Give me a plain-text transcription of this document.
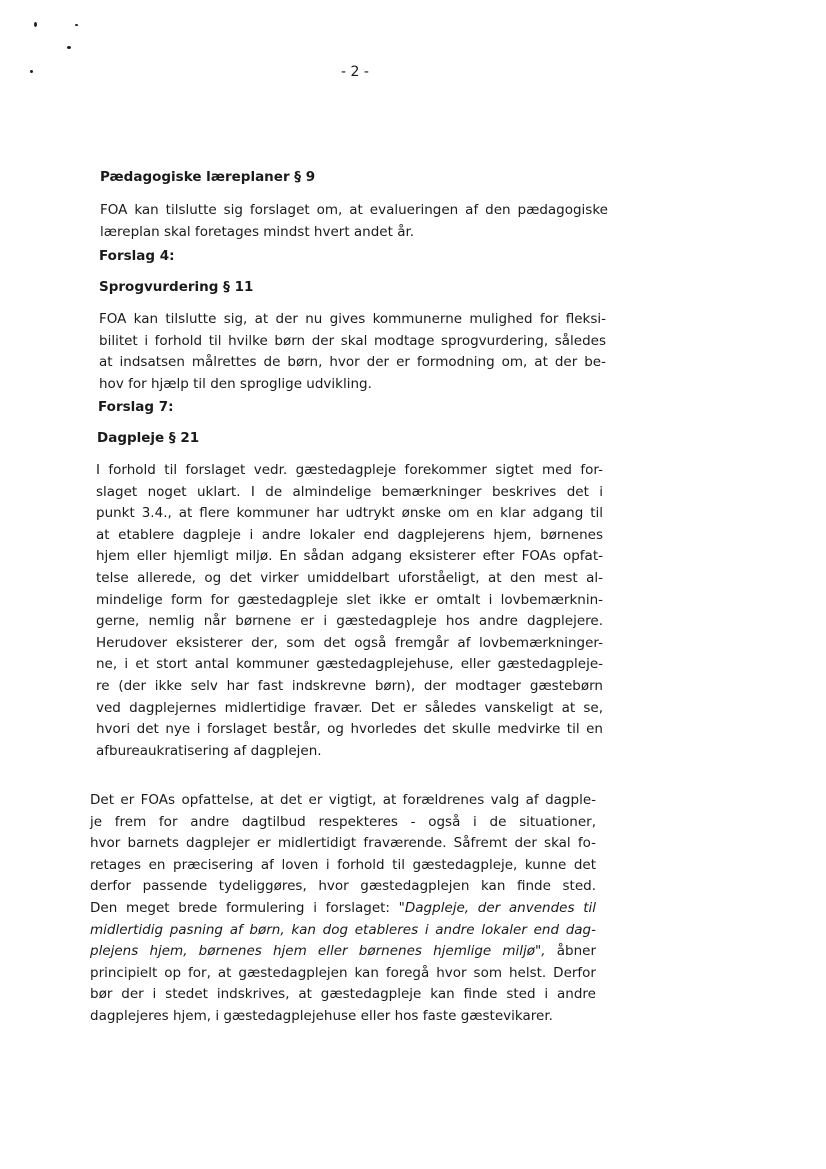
- 2 -
Pædagogiske læreplaner § 9
FOA kan tilslutte sig forslaget om, at evalueringen af den pædagogiske
læreplan skal foretages mindst hvert andet år.
Forslag 4:
Sprogvurdering § 11
FOA kan tilslutte sig, at der nu gives kommunerne mulighed for fleksi-
bilitet i forhold til hvilke børn der skal modtage sprogvurdering, således
at indsatsen målrettes de børn, hvor der er formodning om, at der be-
hov for hjælp til den sproglige udvikling.
Forslag 7:
Dagpleje § 21
I forhold til forslaget vedr. gæstedagpleje forekommer sigtet med for-
slaget noget uklart. I de almindelige bemærkninger beskrives det i
punkt 3.4., at flere kommuner har udtrykt ønske om en klar adgang til
at etablere dagpleje i andre lokaler end dagplejerens hjem, børnenes
hjem eller hjemligt miljø. En sådan adgang eksisterer efter FOAs opfat-
telse allerede, og det virker umiddelbart uforståeligt, at den mest al-
mindelige form for gæstedagpleje slet ikke er omtalt i lovbemærknin-
gerne, nemlig når børnene er i gæstedagpleje hos andre dagplejere.
Herudover eksisterer der, som det også fremgår af lovbemærkninger-
ne, i et stort antal kommuner gæstedagplejehuse, eller gæstedagpleje-
re (der ikke selv har fast indskrevne børn), der modtager gæstebørn
ved dagplejernes midlertidige fravær. Det er således vanskeligt at se,
hvori det nye i forslaget består, og hvorledes det skulle medvirke til en
afbureaukratisering af dagplejen.
Det er FOAs opfattelse, at det er vigtigt, at forældrenes valg af dagple-
je frem for andre dagtilbud respekteres - også i de situationer,
hvor barnets dagplejer er midlertidigt fraværende. Såfremt der skal fo-
retages en præcisering af loven i forhold til gæstedagpleje, kunne det
derfor passende tydeliggøres, hvor gæstedagplejen kan finde sted.
Den meget brede formulering i forslaget: "Dagpleje, der anvendes til
midlertidig pasning af børn, kan dog etableres i andre lokaler end dag-
plejens hjem, børnenes hjem eller børnenes hjemlige miljø", åbner
principielt op for, at gæstedagplejen kan foregå hvor som helst. Derfor
bør der i stedet indskrives, at gæstedagpleje kan finde sted i andre
dagplejeres hjem, i gæstedagplejehuse eller hos faste gæstevikarer.
